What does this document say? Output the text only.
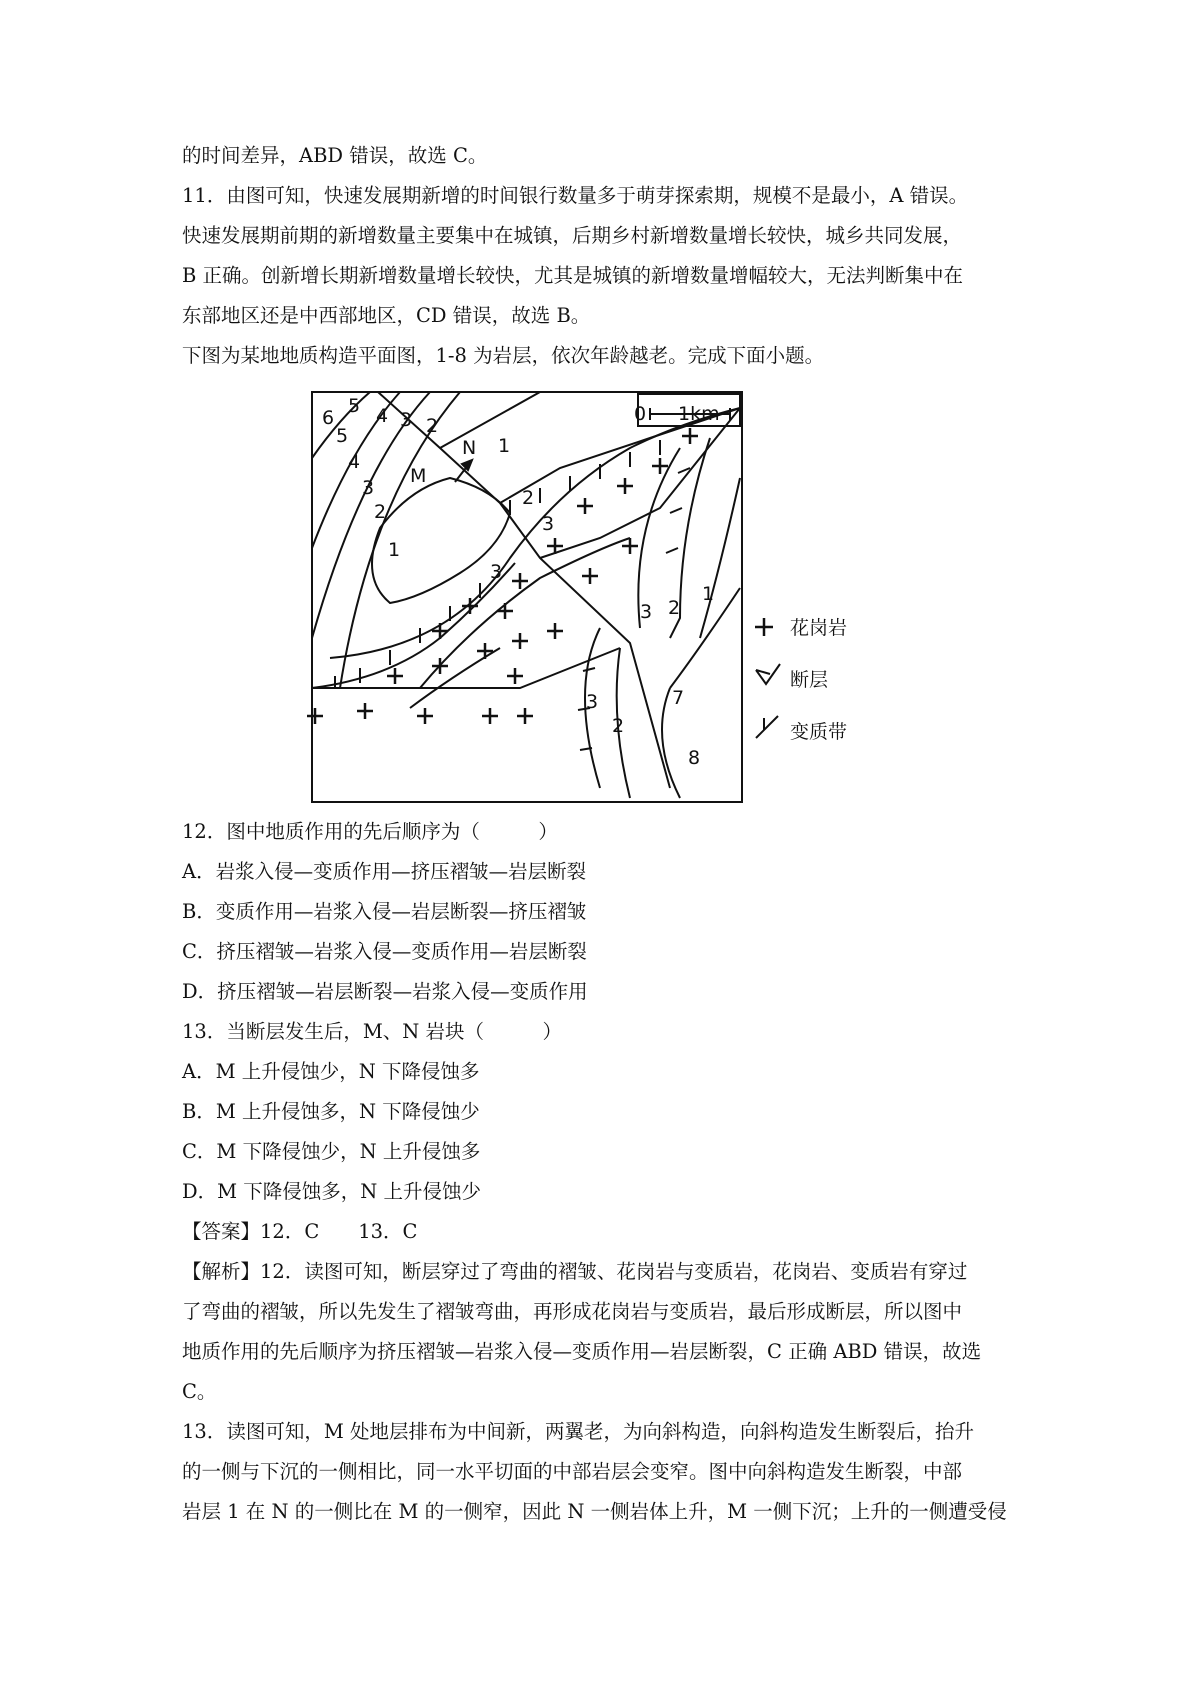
的时间差异，ABD 错误，故选 C。
11．由图可知，快速发展期新增的时间银行数量多于萌芽探索期，规模不是最小，A 错误。
快速发展期前期的新增数量主要集中在城镇，后期乡村新增数量增长较快，城乡共同发展，
B 正确。创新增长期新增数量增长较快，尤其是城镇的新增数量增幅较大，无法判断集中在
东部地区还是中西部地区，CD 错误，故选 B。
下图为某地地质构造平面图，1-8 为岩层，依次年龄越老。完成下面小题。
0 1km
N
M
6
5 4 3 2
5
4
3
2
1
1
2
3
3
3 2
1
3
2
7
8
花岗岩
断层
变质带
12．图中地质作用的先后顺序为（　　　）
A．岩浆入侵—变质作用—挤压褶皱—岩层断裂
B．变质作用—岩浆入侵—岩层断裂—挤压褶皱
C．挤压褶皱—岩浆入侵—变质作用—岩层断裂
D．挤压褶皱—岩层断裂—岩浆入侵—变质作用
13．当断层发生后，M、N 岩块（　　　）
A．M 上升侵蚀少，N 下降侵蚀多
B．M 上升侵蚀多，N 下降侵蚀少
C．M 下降侵蚀少，N 上升侵蚀多
D．M 下降侵蚀多，N 上升侵蚀少
【答案】12．C　　13．C
【解析】12．读图可知，断层穿过了弯曲的褶皱、花岗岩与变质岩，花岗岩、变质岩有穿过
了弯曲的褶皱，所以先发生了褶皱弯曲，再形成花岗岩与变质岩，最后形成断层，所以图中
地质作用的先后顺序为挤压褶皱—岩浆入侵—变质作用—岩层断裂，C 正确 ABD 错误，故选
C。
13．读图可知，M 处地层排布为中间新，两翼老，为向斜构造，向斜构造发生断裂后，抬升
的一侧与下沉的一侧相比，同一水平切面的中部岩层会变窄。图中向斜构造发生断裂，中部
岩层 1 在 N 的一侧比在 M 的一侧窄，因此 N 一侧岩体上升，M 一侧下沉；上升的一侧遭受侵
